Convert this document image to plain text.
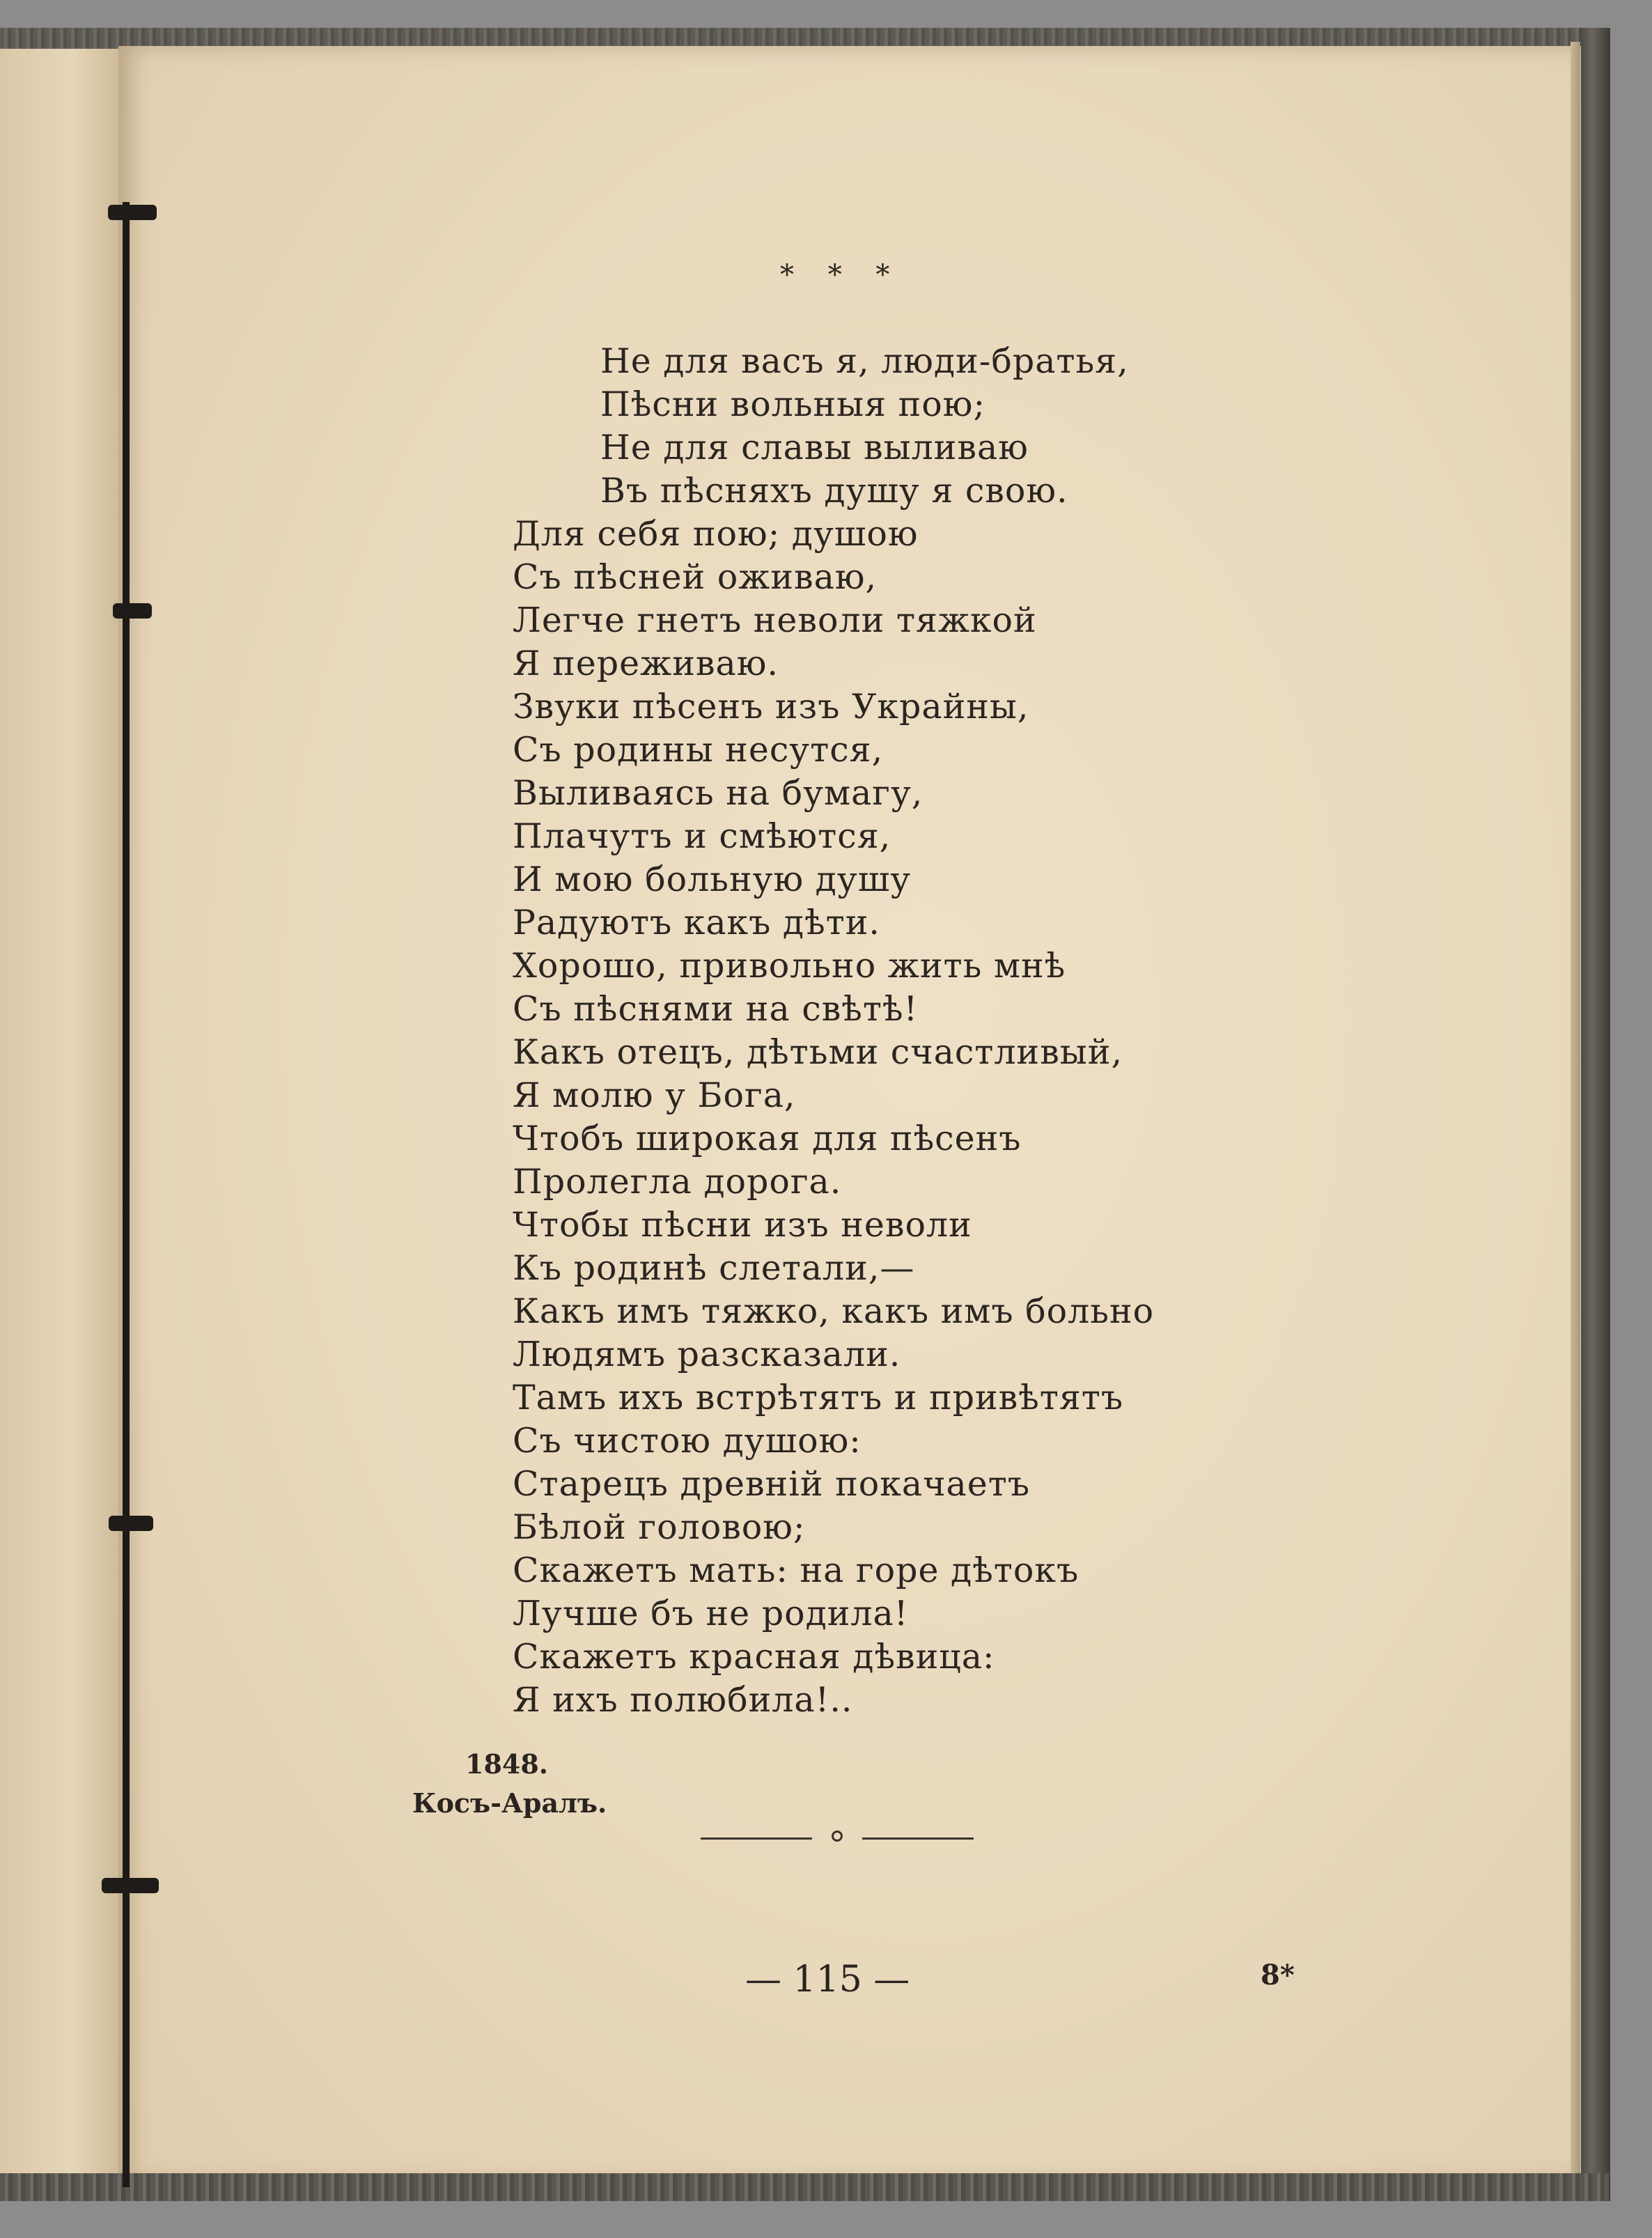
* * *
Не для васъ я, люди-братья,
Пѣсни вольныя пою;
Не для славы выливаю
Въ пѣсняхъ душу я свою.
Для себя пою; душою
Съ пѣсней оживаю,
Легче гнетъ неволи тяжкой
Я переживаю.
Звуки пѣсенъ изъ Украйны,
Съ родины несутся,
Выливаясь на бумагу,
Плачутъ и смѣются,
И мою больную душу
Радуютъ какъ дѣти.
Хорошо, привольно жить мнѣ
Съ пѣснями на свѣтѣ!
Какъ отецъ, дѣтьми счастливый,
Я молю у Бога,
Чтобъ широкая для пѣсенъ
Пролегла дорога.
Чтобы пѣсни изъ неволи
Къ родинѣ слетали,—
Какъ имъ тяжко, какъ имъ больно
Людямъ разсказали.
Тамъ ихъ встрѣтятъ и привѣтятъ
Съ чистою душою:
Старецъ древній покачаетъ
Бѣлой головою;
Скажетъ мать: на горе дѣтокъ
Лучше бъ не родила!
Скажетъ красная дѣвица:
Я ихъ полюбила!..
1848.
Косъ-Аралъ.
— 115 —	8*
